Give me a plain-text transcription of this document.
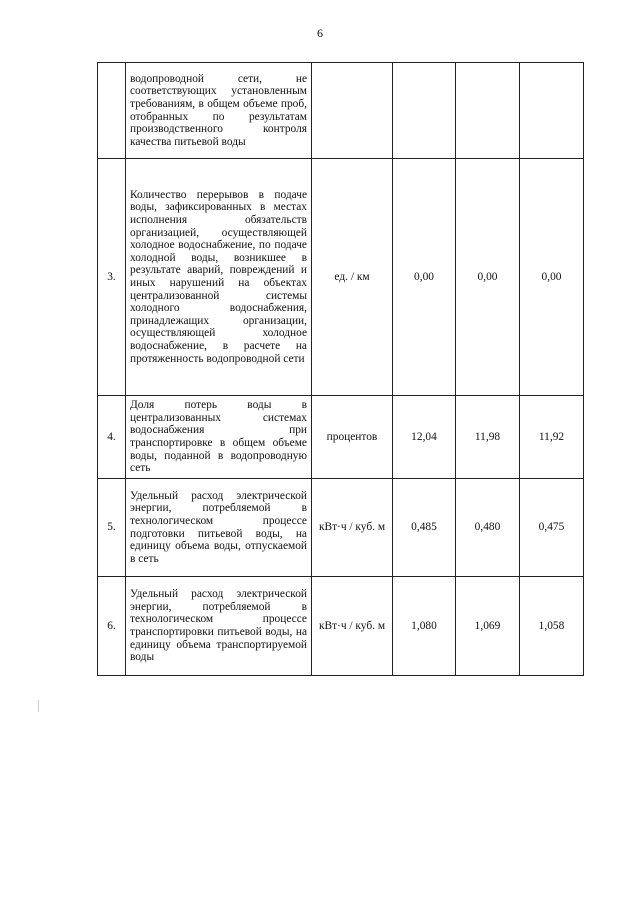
6
	водопроводной сети, не соответствующих установленным требованиям, в общем объеме проб, отобранных по результатам производственного контроля качества питьевой воды				
3.	Количество перерывов в подаче воды, зафиксированных в местах исполнения обязательств организацией, осуществляющей холодное водоснабжение, по подаче холодной воды, возникшее в результате аварий, повреждений и иных нарушений на объектах централизованной системы холодного водоснабжения, принадлежащих организации, осуществляющей холодное водоснабжение, в расчете на протяженность водопроводной сети	ед. / км	0,00	0,00	0,00
4.	Доля потерь воды в централизованных системах водоснабжения при транспортировке в общем объеме воды, поданной в водопроводную сеть	процентов	12,04	11,98	11,92
5.	Удельный расход электрической энергии, потребляемой в технологическом процессе подготовки питьевой воды, на единицу объема воды, отпускаемой в сеть	кВт·ч / куб. м	0,485	0,480	0,475
6.	Удельный расход электрической энергии, потребляемой в технологическом процессе транспортировки питьевой воды, на единицу объема транспортируемой воды	кВт·ч / куб. м	1,080	1,069	1,058
